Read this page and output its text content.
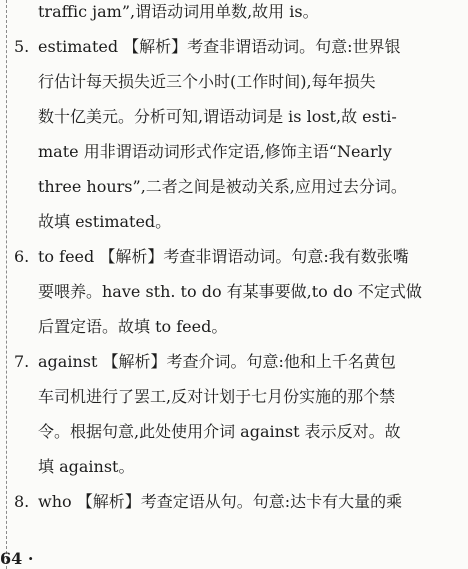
traffic jam”,谓语动词用单数,故用 is。
5. estimated 【解析】考查非谓语动词。句意:世界银
行估计每天损失近三个小时(工作时间),每年损失
数十亿美元。分析可知,谓语动词是 is lost,故 esti-
mate 用非谓语动词形式作定语,修饰主语“Nearly
three hours”,二者之间是被动关系,应用过去分词。
故填 estimated。
6. to feed 【解析】考查非谓语动词。句意:我有数张嘴
要喂养。have sth. to do 有某事要做,to do 不定式做
后置定语。故填 to feed。
7. against 【解析】考查介词。句意:他和上千名黄包
车司机进行了罢工,反对计划于七月份实施的那个禁
令。根据句意,此处使用介词 against 表示反对。故
填 against。
8. who 【解析】考查定语从句。句意:达卡有大量的乘
64 ·
